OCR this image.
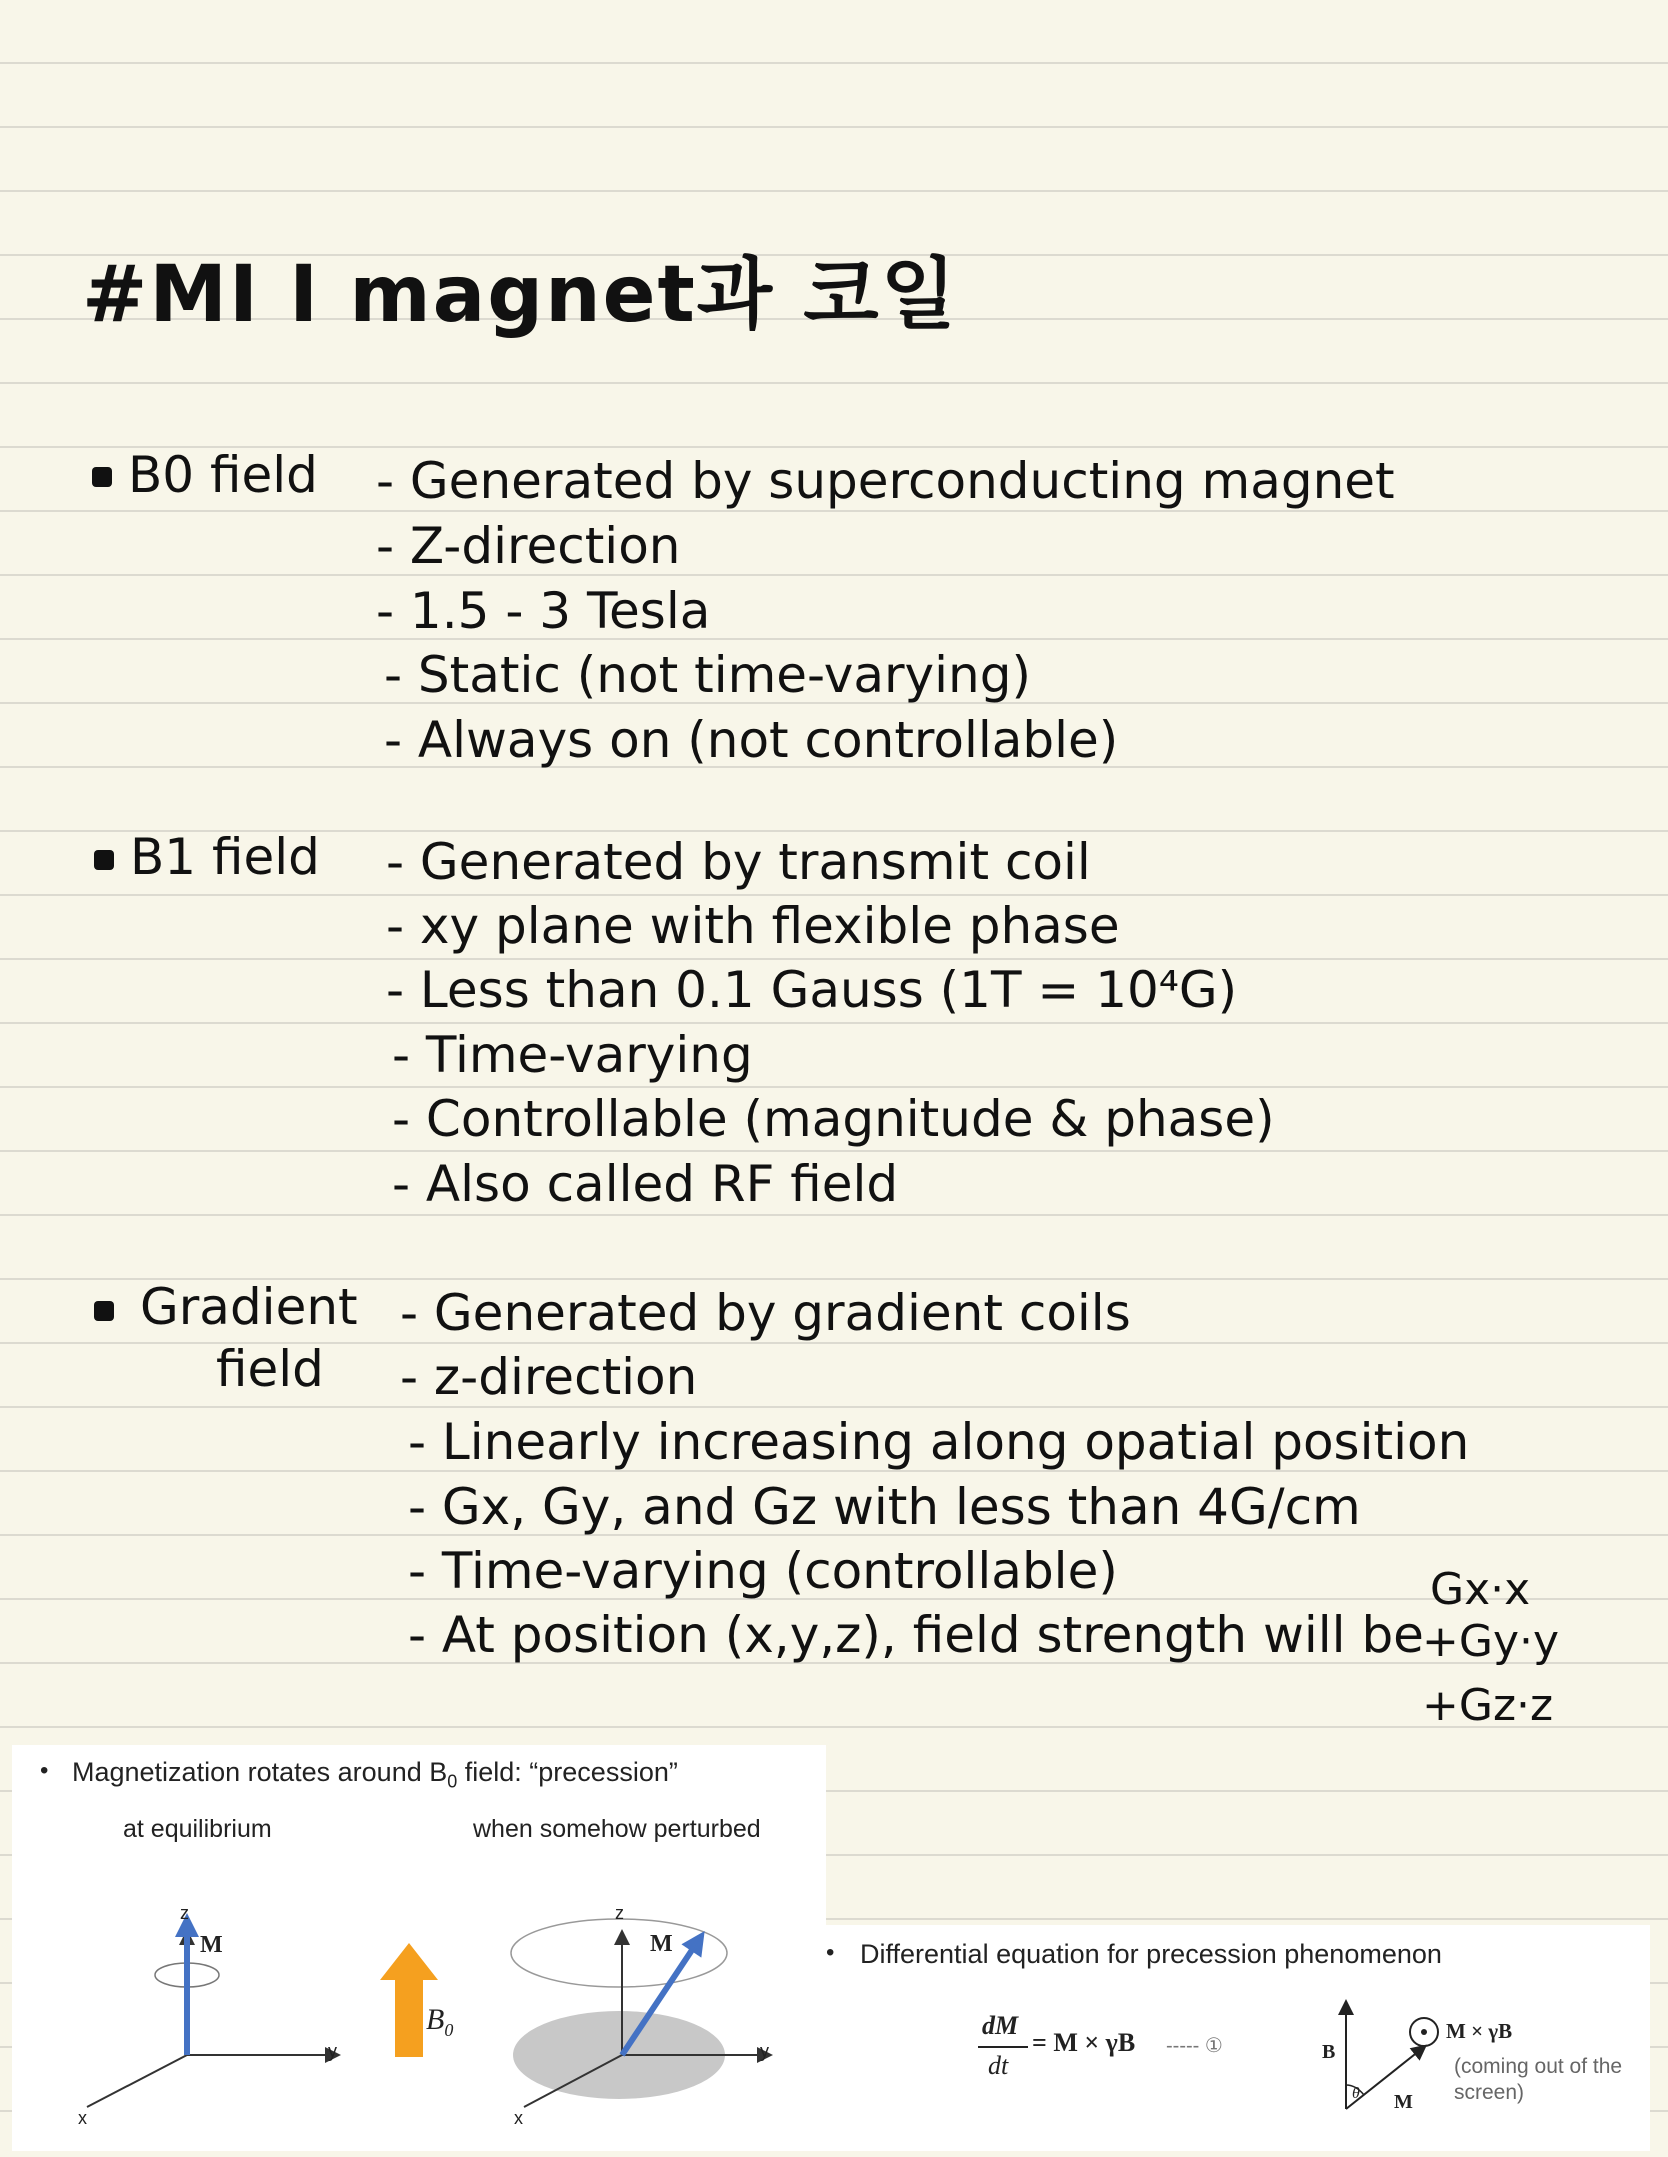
#MI I magnet과 코일
B0 field - Generated by superconducting magnet
- Z-direction
- 1.5 - 3 Tesla
- Static (not time-varying)
- Always on (not controllable)
B1 field - Generated by transmit coil
- xy plane with flexible phase
- Less than 0.1 Gauss (1T = 10⁴G)
- Time-varying
- Controllable (magnitude & phase)
- Also called RF field
Gradient
field
- Generated by gradient coils
- z-direction
- Linearly increasing along opatial position
- Gx, Gy, and Gz with less than 4G/cm
- Time-varying (controllable)
- At position (x,y,z), field strength will be
Gx·x
+Gy·y
+Gz·z
• Magnetization rotates around $B_0$ field: “precession”
at equilibrium	when somehow perturbed
z
y
x
M
$B_0$
z
y
x
M	• Differential equation for precession phenomenon
dM
dt
= M × γB ----- ①	B
θ M
M × γB
(coming out of the
screen)
